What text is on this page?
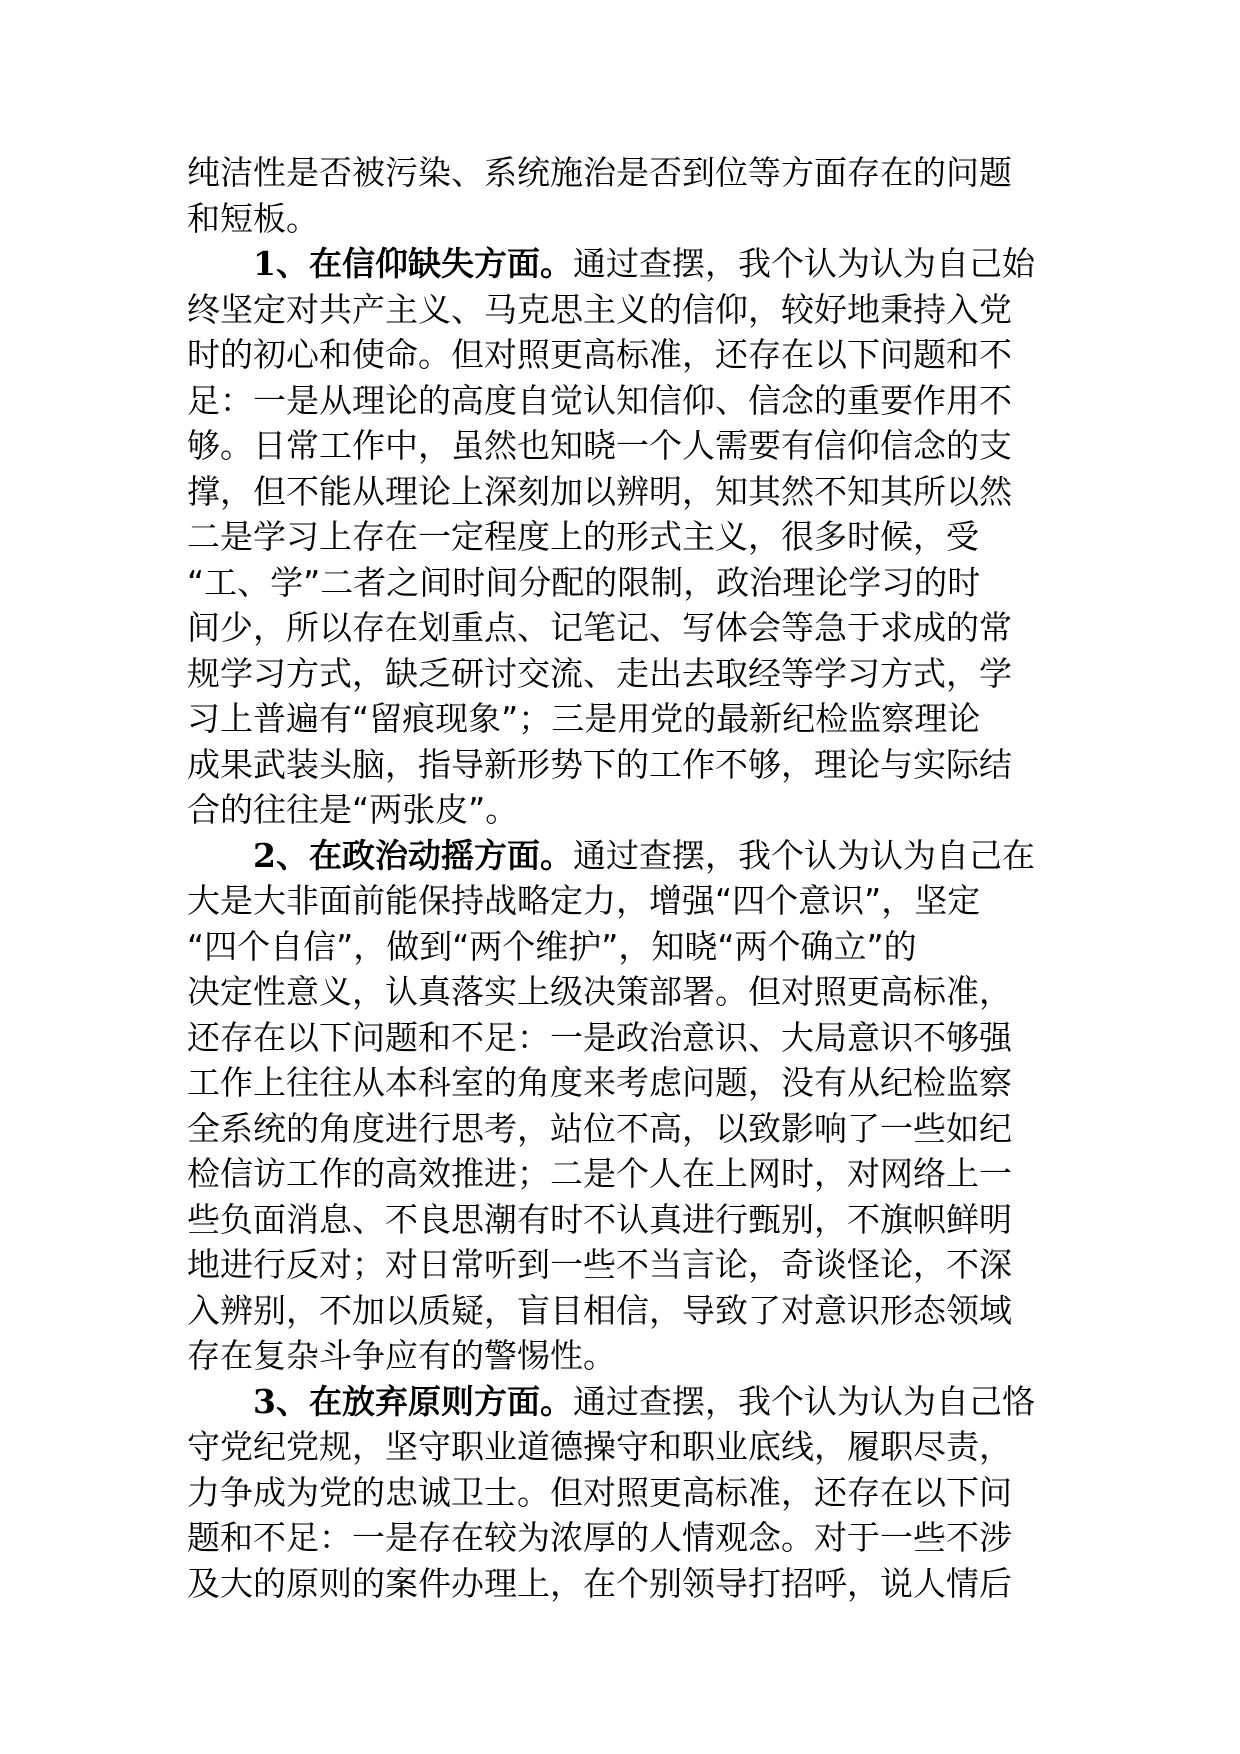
纯洁性是否被污染、系统施治是否到位等方面存在的问题
和短板。
1、在信仰缺失方面。通过查摆，我个认为认为自己始
终坚定对共产主义、马克思主义的信仰，较好地秉持入党
时的初心和使命。但对照更高标准，还存在以下问题和不
足：一是从理论的高度自觉认知信仰、信念的重要作用不
够。日常工作中，虽然也知晓一个人需要有信仰信念的支
撑，但不能从理论上深刻加以辨明，知其然不知其所以然
二是学习上存在一定程度上的形式主义，很多时候，受
“工、学”二者之间时间分配的限制，政治理论学习的时
间少，所以存在划重点、记笔记、写体会等急于求成的常
规学习方式，缺乏研讨交流、走出去取经等学习方式，学
习上普遍有“留痕现象”；三是用党的最新纪检监察理论
成果武装头脑，指导新形势下的工作不够，理论与实际结
合的往往是“两张皮”。
2、在政治动摇方面。通过查摆，我个认为认为自己在
大是大非面前能保持战略定力，增强“四个意识”，坚定
“四个自信”，做到“两个维护”，知晓“两个确立”的
决定性意义，认真落实上级决策部署。但对照更高标准，
还存在以下问题和不足：一是政治意识、大局意识不够强
工作上往往从本科室的角度来考虑问题，没有从纪检监察
全系统的角度进行思考，站位不高，以致影响了一些如纪
检信访工作的高效推进；二是个人在上网时，对网络上一
些负面消息、不良思潮有时不认真进行甄别，不旗帜鲜明
地进行反对；对日常听到一些不当言论，奇谈怪论，不深
入辨别，不加以质疑，盲目相信，导致了对意识形态领域
存在复杂斗争应有的警惕性。
3、在放弃原则方面。通过查摆，我个认为认为自己恪
守党纪党规，坚守职业道德操守和职业底线，履职尽责，
力争成为党的忠诚卫士。但对照更高标准，还存在以下问
题和不足：一是存在较为浓厚的人情观念。对于一些不涉
及大的原则的案件办理上，在个别领导打招呼，说人情后
